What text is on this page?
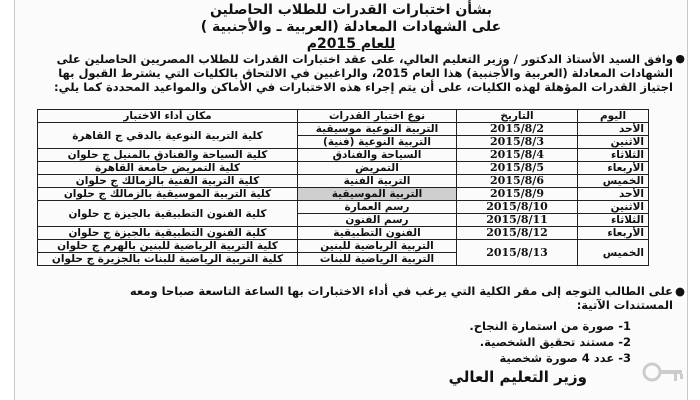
بشأن اختبارات القدرات للطلاب الحاصلين
على الشهادات المعادلة (العربية ـ والأجنبية )
للعام 2015م
●
وافق السيد الأستاذ الدكتور / وزير التعليم العالي، على عقد اختبارات القدرات للطلاب المصريين الحاصلين على الشهادات المعادلة (العربية والأجنبية) هذا العام 2015، والراغبين في الالتحاق بالكليات التي يشترط القبول بها اجتياز القدرات المؤهلة لهذه الكليات، على أن يتم إجراء هذه الاختبارات في الأماكن والمواعيد المحددة كما يلي:
اليوم	التاريخ	نوع اختبار القدرات	مكان أداء الاختبار
الأحد	2015/8/2	التربية النوعية موسيقية	كلية التربية النوعية بالدقي ج القاهرة
الاثنين	2015/8/3	التربية النوعية (فنية)	
الثلاثاء	2015/8/4	السياحة والفنادق	كلية السياحة والفنادق بالمنيل ج حلوان
الأربعاء	2015/8/5	التمريض	كلية التمريض جامعة القاهرة
الخميس	2015/8/6	التربية الفنية	كلية التربية الفنية بالزمالك ج حلوان
الأحد	2015/8/9	التربية الموسيقية	كلية التربية الموسيقية بالزمالك ج حلوان
الاثنين	2015/8/10	رسم العمارة	كلية الفنون التطبيقية بالجيزة ج حلوان
الثلاثاء	2015/8/11	رسم الفنون	
الأربعاء	2015/8/12	الفنون التطبيقية	كلية الفنون التطبيقية بالجيزة ج حلوان
الخميس	2015/8/13	التربية الرياضية للبنين	كلية التربية الرياضية للبنين بالهرم ج حلوان
		التربية الرياضية للبنات	كلية التربية الرياضية للبنات بالجزيرة ج حلوان
●
على الطالب التوجه إلى مقر الكلية التي يرغب في أداء الاختبارات بها الساعة التاسعة صباحا ومعه المستندات الآتية:
1- صورة من استمارة النجاح.
2- مستند تحقيق الشخصية.
3- عدد 4 صورة شخصية
وزير التعليم العالي
